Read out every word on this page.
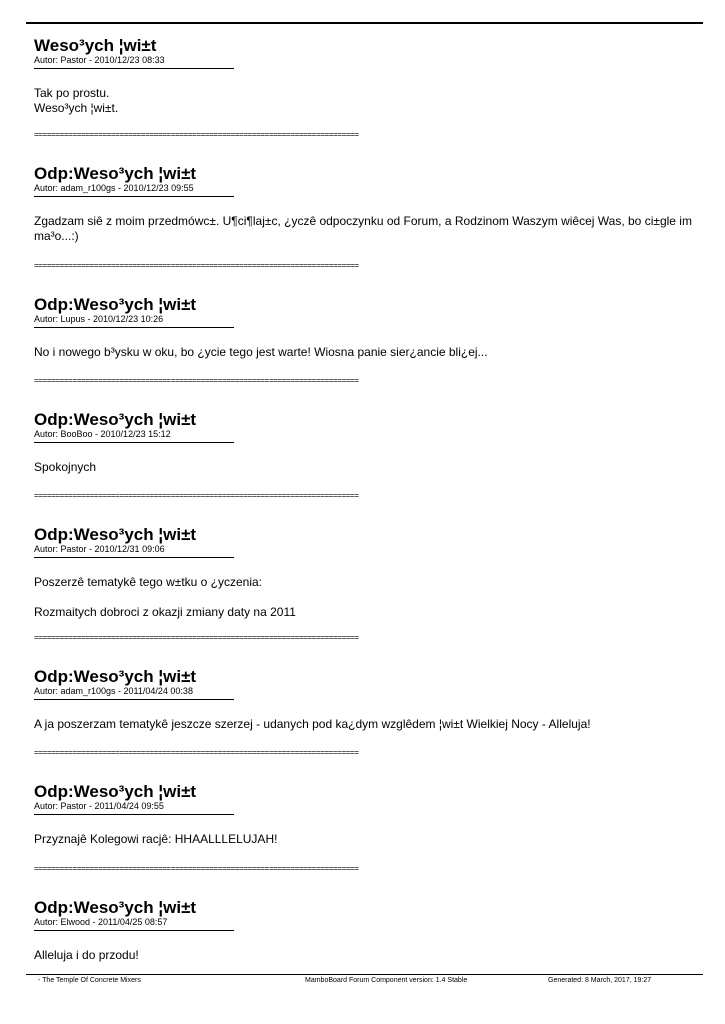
Weso³ych ¦wi±t
Autor: Pastor - 2010/12/23 08:33

Tak po prostu.

Weso³ych ¦wi±t.

============================================================================
Odp:Weso³ych ¦wi±t
Autor: adam_r100gs - 2010/12/23 09:55

Zgadzam siê z moim przedmówc±. U¶ci¶laj±c, ¿yczê odpoczynku od Forum, a Rodzinom Waszym wiêcej Was, bo ci±gle im ma³o...:)

============================================================================
Odp:Weso³ych ¦wi±t
Autor: Lupus - 2010/12/23 10:26

No i nowego b³ysku w oku, bo ¿ycie tego jest warte! Wiosna panie sier¿ancie bli¿ej...

============================================================================
Odp:Weso³ych ¦wi±t
Autor: BooBoo - 2010/12/23 15:12

Spokojnych

============================================================================
Odp:Weso³ych ¦wi±t
Autor: Pastor - 2010/12/31 09:06

Poszerzê tematykê tego w±tku o ¿yczenia:

Rozmaitych dobroci z okazji zmiany daty na 2011

============================================================================
Odp:Weso³ych ¦wi±t
Autor: adam_r100gs - 2011/04/24 00:38

A ja poszerzam tematykê jeszcze szerzej - udanych pod ka¿dym wzglêdem ¦wi±t Wielkiej Nocy - Alleluja!

============================================================================
Odp:Weso³ych ¦wi±t
Autor: Pastor - 2011/04/24 09:55

Przyznajê Kolegowi racjê: HHAALLLELUJAH!

============================================================================
Odp:Weso³ych ¦wi±t
Autor: Elwood - 2011/04/25 08:57

Alleluja i do przodu!

- The Temple Of Concrete Mixers	MamboBoard Forum Component version: 1.4 Stable	Generated: 8 March, 2017, 19:27
